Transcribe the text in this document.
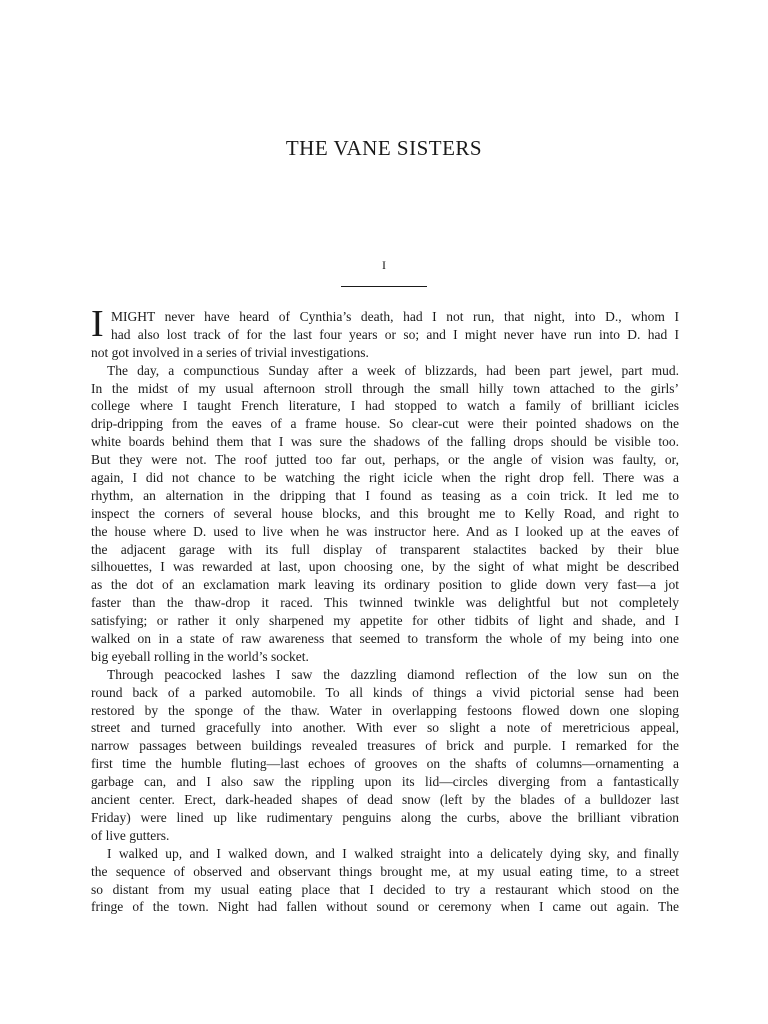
THE VANE SISTERS
I
I MIGHT never have heard of Cynthia’s death, had I not run, that night, into D., whom I
had also lost track of for the last four years or so; and I might never have run into D. had I
not got involved in a series of trivial investigations.
The day, a compunctious Sunday after a week of blizzards, had been part jewel, part mud.
In the midst of my usual afternoon stroll through the small hilly town attached to the girls’
college where I taught French literature, I had stopped to watch a family of brilliant icicles
drip-dripping from the eaves of a frame house. So clear-cut were their pointed shadows on the
white boards behind them that I was sure the shadows of the falling drops should be visible too.
But they were not. The roof jutted too far out, perhaps, or the angle of vision was faulty, or,
again, I did not chance to be watching the right icicle when the right drop fell. There was a
rhythm, an alternation in the dripping that I found as teasing as a coin trick. It led me to
inspect the corners of several house blocks, and this brought me to Kelly Road, and right to
the house where D. used to live when he was instructor here. And as I looked up at the eaves of
the adjacent garage with its full display of transparent stalactites backed by their blue
silhouettes, I was rewarded at last, upon choosing one, by the sight of what might be described
as the dot of an exclamation mark leaving its ordinary position to glide down very fast—a jot
faster than the thaw-drop it raced. This twinned twinkle was delightful but not completely
satisfying; or rather it only sharpened my appetite for other tidbits of light and shade, and I
walked on in a state of raw awareness that seemed to transform the whole of my being into one
big eyeball rolling in the world’s socket.
Through peacocked lashes I saw the dazzling diamond reflection of the low sun on the
round back of a parked automobile. To all kinds of things a vivid pictorial sense had been
restored by the sponge of the thaw. Water in overlapping festoons flowed down one sloping
street and turned gracefully into another. With ever so slight a note of meretricious appeal,
narrow passages between buildings revealed treasures of brick and purple. I remarked for the
first time the humble fluting—last echoes of grooves on the shafts of columns—ornamenting a
garbage can, and I also saw the rippling upon its lid—circles diverging from a fantastically
ancient center. Erect, dark-headed shapes of dead snow (left by the blades of a bulldozer last
Friday) were lined up like rudimentary penguins along the curbs, above the brilliant vibration
of live gutters.
I walked up, and I walked down, and I walked straight into a delicately dying sky, and finally
the sequence of observed and observant things brought me, at my usual eating time, to a street
so distant from my usual eating place that I decided to try a restaurant which stood on the
fringe of the town. Night had fallen without sound or ceremony when I came out again. The
